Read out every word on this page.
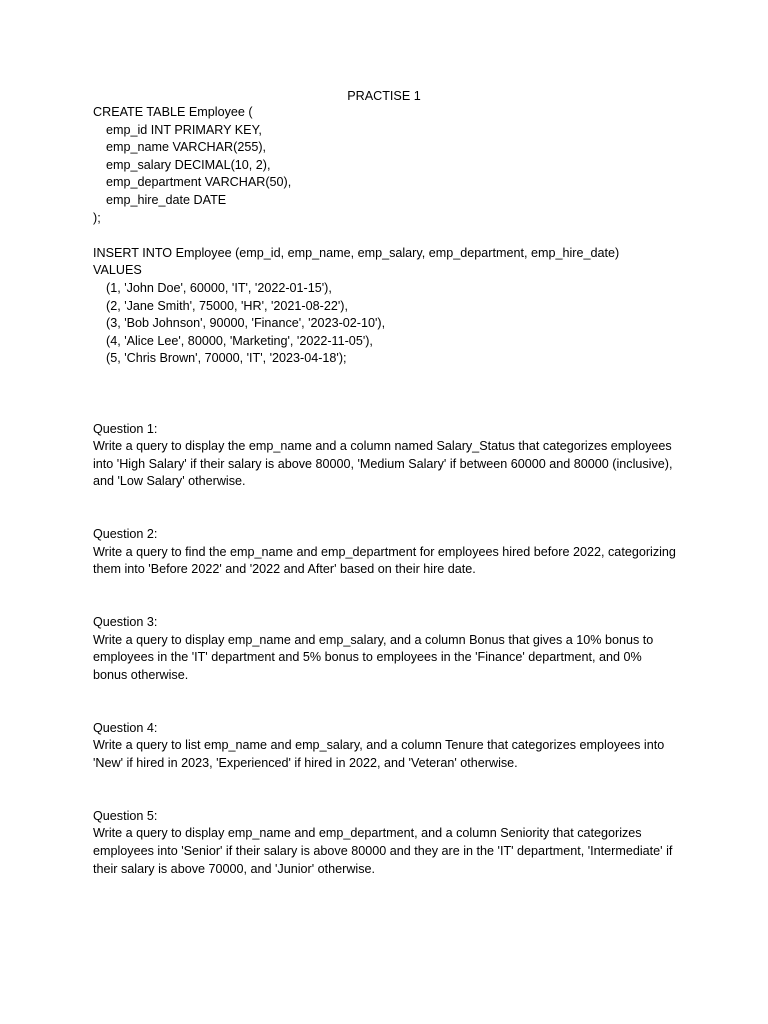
PRACTISE 1
CREATE TABLE Employee (
emp_id INT PRIMARY KEY,
emp_name VARCHAR(255),
emp_salary DECIMAL(10, 2),
emp_department VARCHAR(50),
emp_hire_date DATE
);
INSERT INTO Employee (emp_id, emp_name, emp_salary, emp_department, emp_hire_date)
VALUES
(1, 'John Doe', 60000, 'IT', '2022-01-15'),
(2, 'Jane Smith', 75000, 'HR', '2021-08-22'),
(3, 'Bob Johnson', 90000, 'Finance', '2023-02-10'),
(4, 'Alice Lee', 80000, 'Marketing', '2022-11-05'),
(5, 'Chris Brown', 70000, 'IT', '2023-04-18');
Question 1:
Write a query to display the emp_name and a column named Salary_Status that categorizes employees into 'High Salary' if their salary is above 80000, 'Medium Salary' if between 60000 and 80000 (inclusive), and 'Low Salary' otherwise.
Question 2:
Write a query to find the emp_name and emp_department for employees hired before 2022, categorizing them into 'Before 2022' and '2022 and After' based on their hire date.
Question 3:
Write a query to display emp_name and emp_salary, and a column Bonus that gives a 10% bonus to employees in the 'IT' department and 5% bonus to employees in the 'Finance' department, and 0% bonus otherwise.
Question 4:
Write a query to list emp_name and emp_salary, and a column Tenure that categorizes employees into 'New' if hired in 2023, 'Experienced' if hired in 2022, and 'Veteran' otherwise.
Question 5:
Write a query to display emp_name and emp_department, and a column Seniority that categorizes employees into 'Senior' if their salary is above 80000 and they are in the 'IT' department, 'Intermediate' if their salary is above 70000, and 'Junior' otherwise.
